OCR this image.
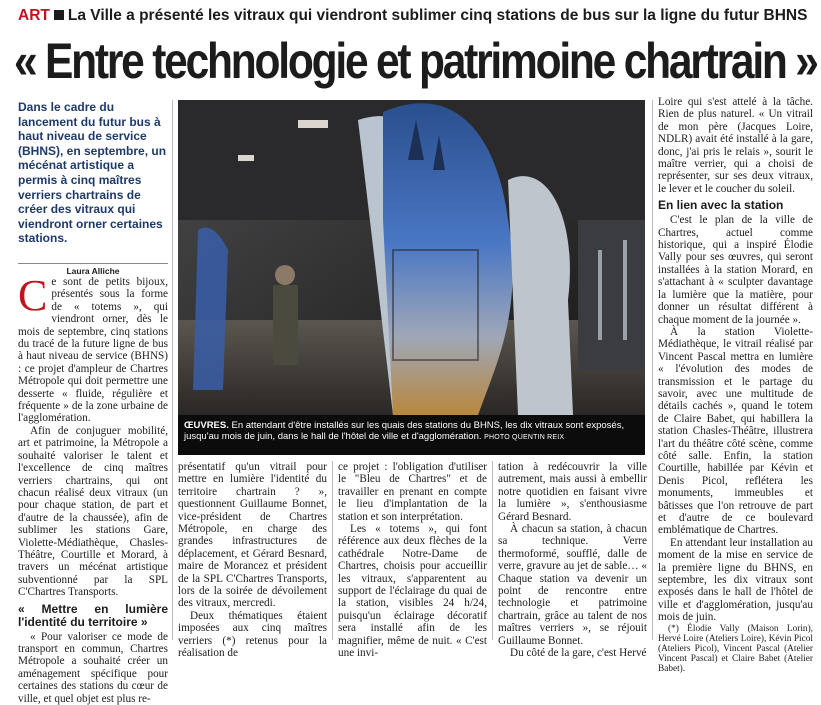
ART La Ville a présenté les vitraux qui viendront sublimer cinq stations de bus sur la ligne du futur BHNS
« Entre technologie et patrimoine chartrain »
Dans le cadre du lancement du futur bus à haut niveau de service (BHNS), en septembre, un mécénat artistique a permis à cinq maîtres verriers chartrains de créer des vitraux qui viendront orner certaines stations.
Laura Alliche

Ce sont de petits bijoux, présentés sous la forme de « totems », qui viendront orner, dès le mois de septembre, cinq stations du tracé de la future ligne de bus à haut niveau de service (BHNS) : ce projet d'ampleur de Chartres Métropole qui doit permettre une desserte « fluide, régulière et fréquente » de la zone urbaine de l'agglomération.

Afin de conjuguer mobilité, art et patrimoine, la Métropole a souhaité valoriser le talent et l'excellence de cinq maîtres verriers chartrains, qui ont chacun réalisé deux vitraux (un pour chaque station, de part et d'autre de la chaussée), afin de sublimer les stations Gare, Violette-Médiathèque, Chasles-Théâtre, Courtille et Morard, à travers un mécénat artistique subventionné par la SPL C'Chartres Transports.

« Mettre en lumière l'identité du territoire »

« Pour valoriser ce mode de transport en commun, Chartres Métropole a souhaité créer un aménagement spécifique pour certaines des stations du cœur de ville, et quel objet est plus re-

ŒUVRES. En attendant d'être installés sur les quais des stations du BHNS, les dix vitraux sont exposés, jusqu'au mois de juin, dans le hall de l'hôtel de ville et d'agglomération. PHOTO QUENTIN REIX

présentatif qu'un vitrail pour mettre en lumière l'identité du territoire chartrain ? », questionnent Guillaume Bonnet, vice-président de Chartres Métropole, en charge des grandes infrastructures de déplacement, et Gérard Besnard, maire de Morancez et président de la SPL C'Chartres Transports, lors de la soirée de dévoilement des vitraux, mercredi.

Deux thématiques étaient imposées aux cinq maîtres verriers (*) retenus pour la réalisation de

ce projet : l'obligation d'utiliser le "Bleu de Chartres" et de travailler en prenant en compte le lieu d'implantation de la station et son interprétation.

Les « totems », qui font référence aux deux flèches de la cathédrale Notre-Dame de Chartres, choisis pour accueillir les vitraux, s'apparentent au support de l'éclairage du quai de la station, visibles 24 h/24, puisqu'un éclairage décoratif sera installé afin de les magnifier, même de nuit. « C'est une invi-

tation à redécouvrir la ville autrement, mais aussi à embellir notre quotidien en faisant vivre la lumière », s'enthousiasme Gérard Besnard.

À chacun sa station, à chacun sa technique. Verre thermoformé, soufflé, dalle de verre, gravure au jet de sable… « Chaque station va devenir un point de rencontre entre technologie et patrimoine chartrain, grâce au talent de nos maîtres verriers », se réjouit Guillaume Bonnet.

Du côté de la gare, c'est Hervé

Loire qui s'est attelé à la tâche. Rien de plus naturel. « Un vitrail de mon père (Jacques Loire, NDLR) avait été installé à la gare, donc, j'ai pris le relais », sourit le maître verrier, qui a choisi de représenter, sur ses deux vitraux, le lever et le coucher du soleil.

En lien avec la station

C'est le plan de la ville de Chartres, actuel comme historique, qui a inspiré Élodie Vally pour ses œuvres, qui seront installées à la station Morard, en s'attachant à « sculpter davantage la lumière que la matière, pour donner un résultat différent à chaque moment de la journée ».

À la station Violette-Médiathèque, le vitrail réalisé par Vincent Pascal mettra en lumière « l'évolution des modes de transmission et le partage du savoir, avec une multitude de détails cachés », quand le totem de Claire Babet, qui habillera la station Chasles-Théâtre, illustrera l'art du théâtre côté scène, comme côté salle. Enfin, la station Courtille, habillée par Kévin et Denis Picol, reflétera les monuments, immeubles et bâtisses que l'on retrouve de part et d'autre de ce boulevard emblématique de Chartres.

En attendant leur installation au moment de la mise en service de la première ligne du BHNS, en septembre, les dix vitraux sont exposés dans le hall de l'hôtel de ville et d'agglomération, jusqu'au mois de juin.

(*) Élodie Vally (Maison Lorin), Hervé Loire (Ateliers Loire), Kévin Picol (Ateliers Picol), Vincent Pascal (Atelier Vincent Pascal) et Claire Babet (Atelier Babet).
